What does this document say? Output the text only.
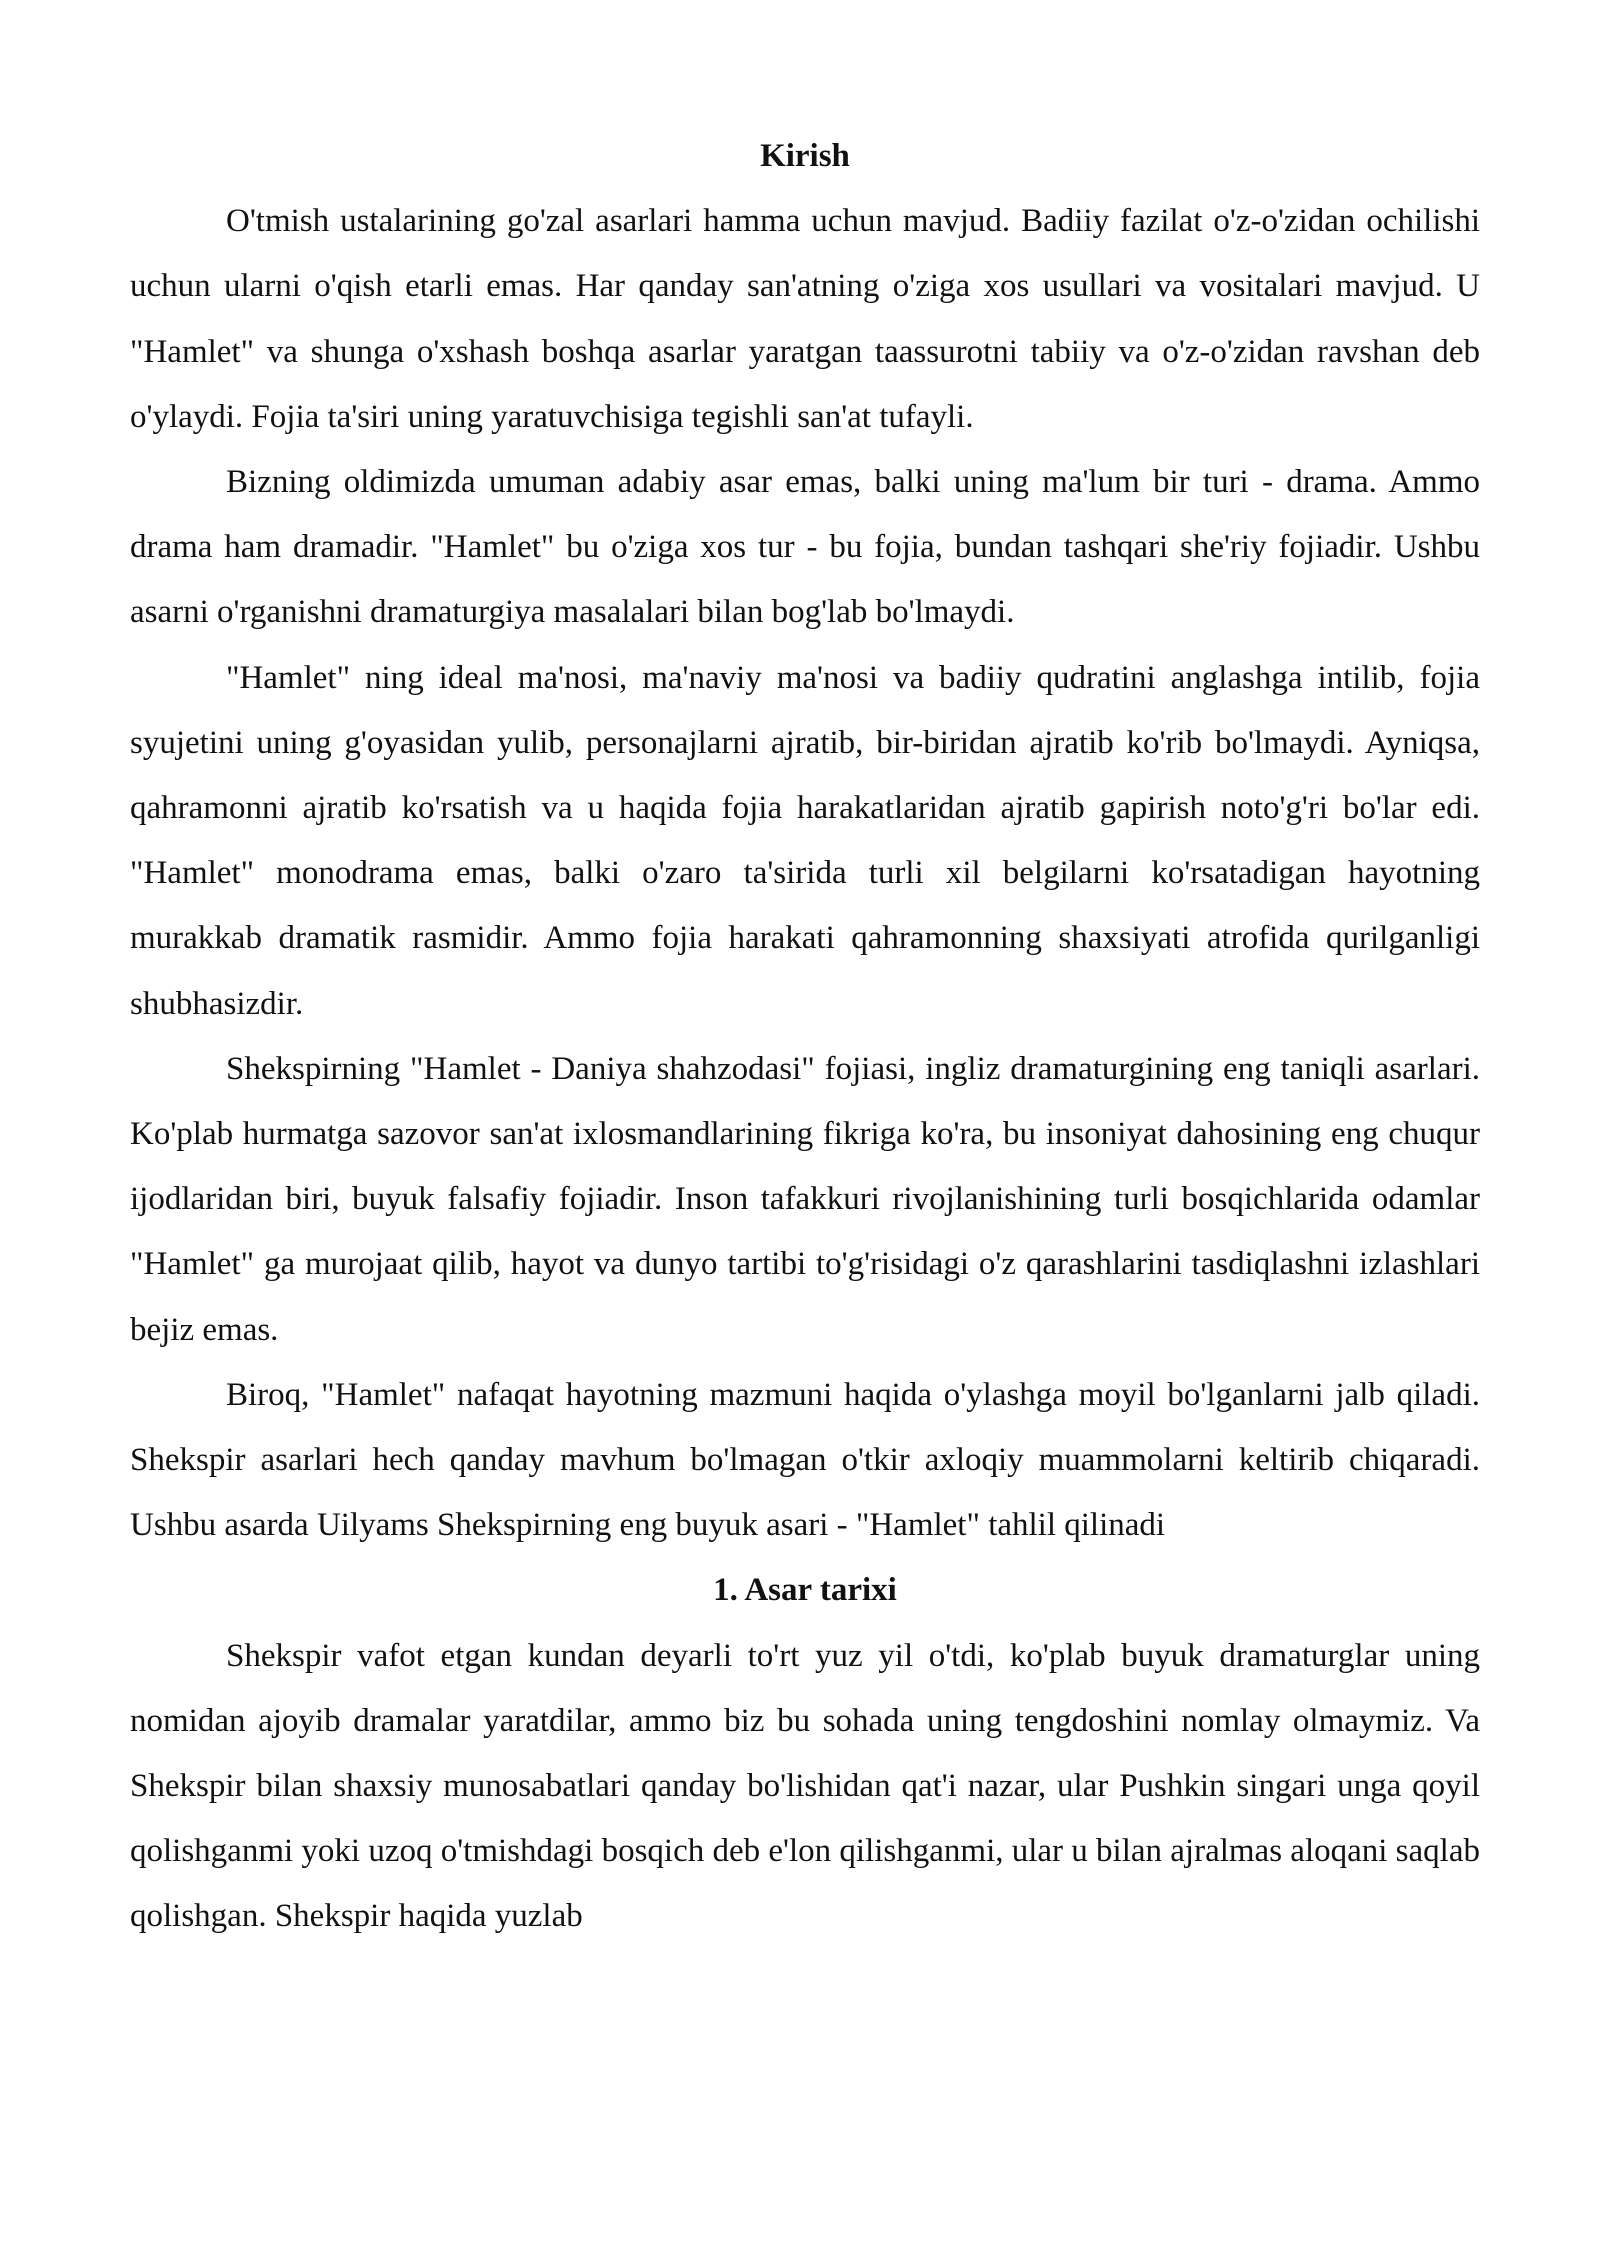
Kirish

O'tmish ustalarining go'zal asarlari hamma uchun mavjud. Badiiy fazilat o'z-o'zidan ochilishi uchun ularni o'qish etarli emas. Har qanday san'atning o'ziga xos usullari va vositalari mavjud. U "Hamlet" va shunga o'xshash boshqa asarlar yaratgan taassurotni tabiiy va o'z-o'zidan ravshan deb o'ylaydi. Fojia ta'siri uning yaratuvchisiga tegishli san'at tufayli.

Bizning oldimizda umuman adabiy asar emas, balki uning ma'lum bir turi - drama. Ammo drama ham dramadir. "Hamlet" bu o'ziga xos tur - bu fojia, bundan tashqari she'riy fojiadir. Ushbu asarni o'rganishni dramaturgiya masalalari bilan bog'lab bo'lmaydi.

"Hamlet" ning ideal ma'nosi, ma'naviy ma'nosi va badiiy qudratini anglashga intilib, fojia syujetini uning g'oyasidan yulib, personajlarni ajratib, bir-biridan ajratib ko'rib bo'lmaydi. Ayniqsa, qahramonni ajratib ko'rsatish va u haqida fojia harakatlaridan ajratib gapirish noto'g'ri bo'lar edi. "Hamlet" monodrama emas, balki o'zaro ta'sirida turli xil belgilarni ko'rsatadigan hayotning murakkab dramatik rasmidir. Ammo fojia harakati qahramonning shaxsiyati atrofida qurilganligi shubhasizdir.

Shekspirning "Hamlet - Daniya shahzodasi" fojiasi, ingliz dramaturgining eng taniqli asarlari. Ko'plab hurmatga sazovor san'at ixlosmandlarining fikriga ko'ra, bu insoniyat dahosining eng chuqur ijodlaridan biri, buyuk falsafiy fojiadir. Inson tafakkuri rivojlanishining turli bosqichlarida odamlar "Hamlet" ga murojaat qilib, hayot va dunyo tartibi to'g'risidagi o'z qarashlarini tasdiqlashni izlashlari bejiz emas.

Biroq, "Hamlet" nafaqat hayotning mazmuni haqida o'ylashga moyil bo'lganlarni jalb qiladi. Shekspir asarlari hech qanday mavhum bo'lmagan o'tkir axloqiy muammolarni keltirib chiqaradi. Ushbu asarda Uilyams Shekspirning eng buyuk asari - "Hamlet" tahlil qilinadi

1. Asar tarixi

Shekspir vafot etgan kundan deyarli to'rt yuz yil o'tdi, ko'plab buyuk dramaturglar uning nomidan ajoyib dramalar yaratdilar, ammo biz bu sohada uning tengdoshini nomlay olmaymiz. Va Shekspir bilan shaxsiy munosabatlari qanday bo'lishidan qat'i nazar, ular Pushkin singari unga qoyil qolishganmi yoki uzoq o'tmishdagi bosqich deb e'lon qilishganmi, ular u bilan ajralmas aloqani saqlab qolishgan. Shekspir haqida yuzlab
